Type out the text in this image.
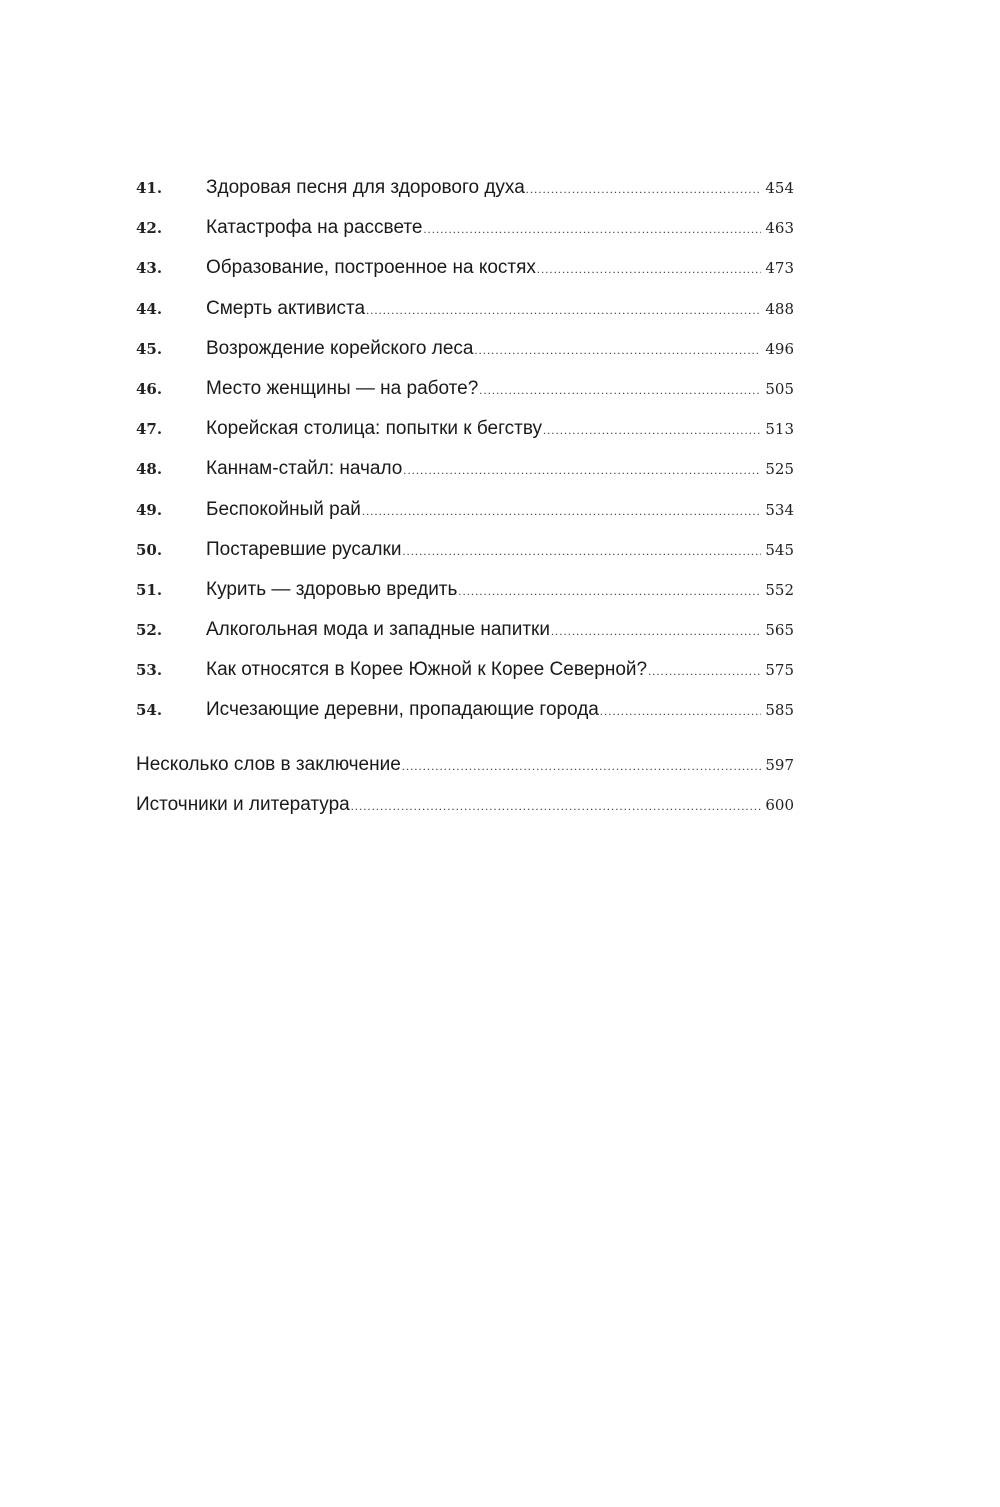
41.	Здоровая песня для здорового духа .....	454
42.	Катастрофа на рассвете .....	463
43.	Образование, построенное на костях .....	473
44.	Смерть активиста .....	488
45.	Возрождение корейского леса .....	496
46.	Место женщины — на работе? .....	505
47.	Корейская столица: попытки к бегству .....	513
48.	Каннам-стайл: начало .....	525
49.	Беспокойный рай .....	534
50.	Постаревшие русалки .....	545
51.	Курить — здоровью вредить .....	552
52.	Алкогольная мода и западные напитки .....	565
53.	Как относятся в Корее Южной к Корее Северной? .....	575
54.	Исчезающие деревни, пропадающие города .....	585
Несколько слов в заключение .....	597
Источники и литература .....	600
